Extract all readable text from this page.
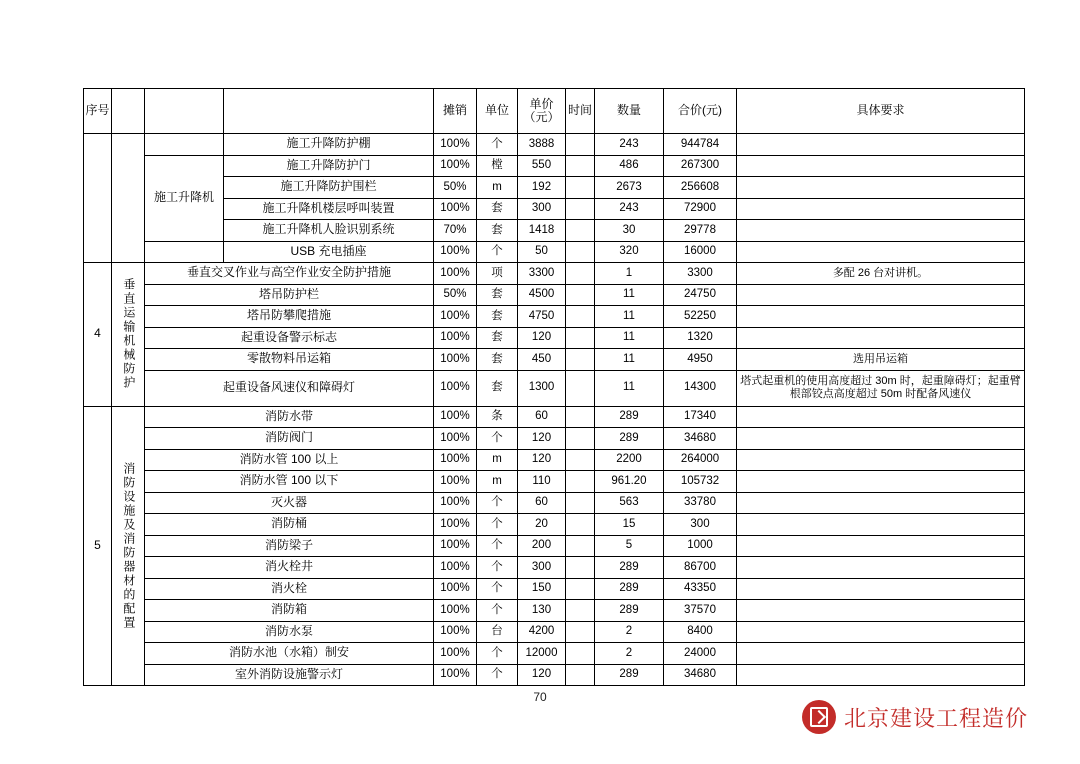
序号				摊销	单位	单价（元）	时间	数量	合价(元)	具体要求
			施工升降防护棚	100%	个	3888		243	944784	
		施工升降机	施工升降防护门	100%	樘	550		486	267300	
			施工升降防护围栏	50%	m	192		2673	256608	
			施工升降机楼层呼叫装置	100%	套	300		243	72900	
			施工升降机人脸识别系统	70%	套	1418		30	29778	
			USB 充电插座	100%	个	50		320	16000	
4	垂直运输机械防护	垂直交叉作业与高空作业安全防护措施		100%	项	3300		1	3300	多配 26 台对讲机。
		塔吊防护栏		50%	套	4500		11	24750	
		塔吊防攀爬措施		100%	套	4750		11	52250	
		起重设备警示标志		100%	套	120		11	1320	
		零散物料吊运箱		100%	套	450		11	4950	选用吊运箱
		起重设备风速仪和障碍灯		100%	套	1300		11	14300	塔式起重机的使用高度超过 30m 时，起重障碍灯；起重臂根部铰点高度超过 50m 时配备风速仪
5	消防设施及消防器材的配置	消防水带		100%	条	60		289	17340	
		消防阀门		100%	个	120		289	34680	
		消防水管 100 以上		100%	m	120		2200	264000	
		消防水管 100 以下		100%	m	110		961.20	105732	
		灭火器		100%	个	60		563	33780	
		消防桶		100%	个	20		15	300	
		消防梁子		100%	个	200		5	1000	
		消火栓井		100%	个	300		289	86700	
		消火栓		100%	个	150		289	43350	
		消防箱		100%	个	130		289	37570	
		消防水泵		100%	台	4200		2	8400	
		消防水池（水箱）制安		100%	个	12000		2	24000	
		室外消防设施警示灯		100%	个	120		289	34680	
70
北京建设工程造价
